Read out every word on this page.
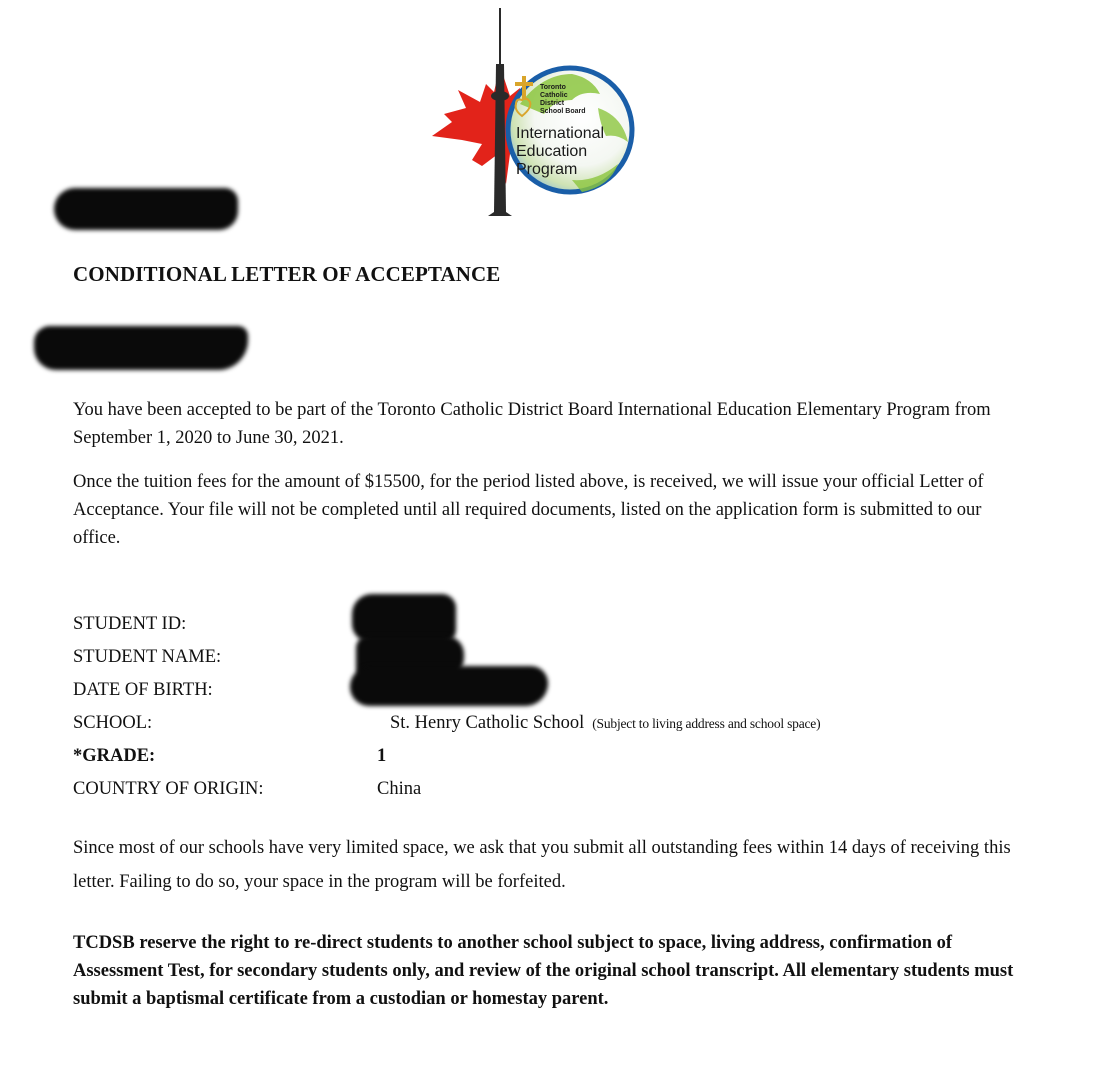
Toronto
Catholic
District
School Board
International
Education
Program
CONDITIONAL LETTER OF ACCEPTANCE
You have been accepted to be part of the Toronto Catholic District Board International Education Elementary Program from September 1, 2020 to June 30, 2021.
Once the tuition fees for the amount of $15500, for the period listed above, is received, we will issue your official Letter of Acceptance. Your file will not be completed until all required documents, listed on the application form is submitted to our office.
STUDENT ID:
STUDENT NAME:
DATE OF BIRTH:
SCHOOL:	St. Henry Catholic School (Subject to living address and school space)
*GRADE:	1
COUNTRY OF ORIGIN:	China
Since most of our schools have very limited space, we ask that you submit all outstanding fees within 14 days of receiving this letter. Failing to do so, your space in the program will be forfeited.
TCDSB reserve the right to re-direct students to another school subject to space, living address, confirmation of Assessment Test, for secondary students only, and review of the original school transcript. All elementary students must submit a baptismal certificate from a custodian or homestay parent.
